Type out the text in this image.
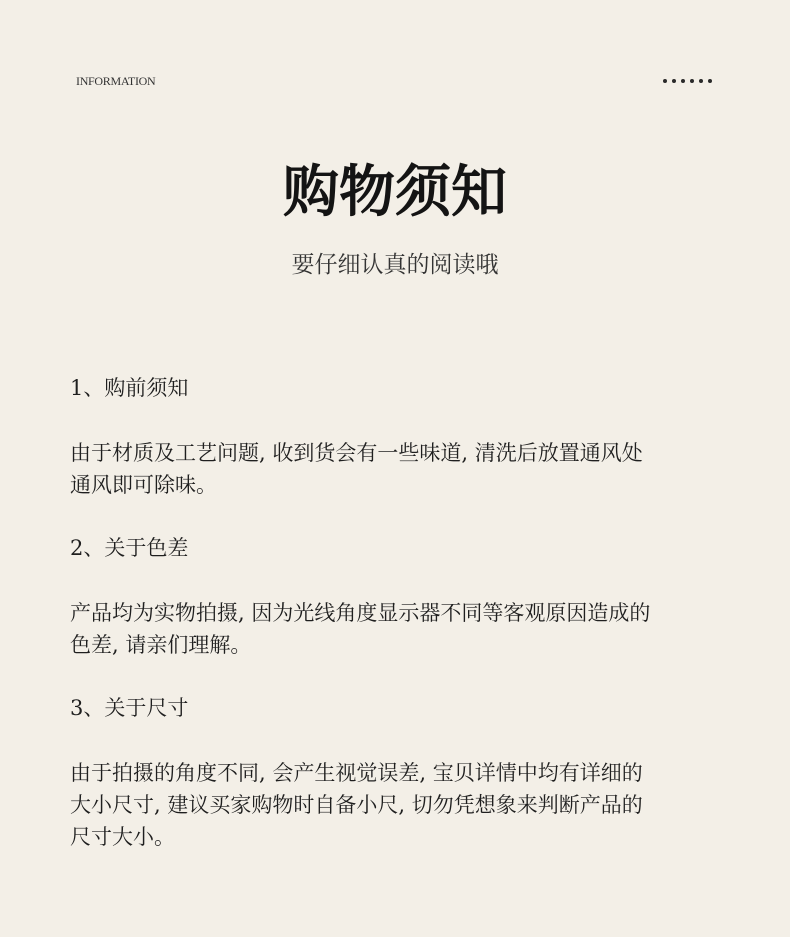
INFORMATION
购物须知
要仔细认真的阅读哦

1、购前须知

由于材质及工艺问题, 收到货会有一些味道, 清洗后放置通风处
通风即可除味。

2、关于色差

产品均为实物拍摄, 因为光线角度显示器不同等客观原因造成的
色差, 请亲们理解。

3、关于尺寸

由于拍摄的角度不同, 会产生视觉误差, 宝贝详情中均有详细的
大小尺寸, 建议买家购物时自备小尺, 切勿凭想象来判断产品的
尺寸大小。
